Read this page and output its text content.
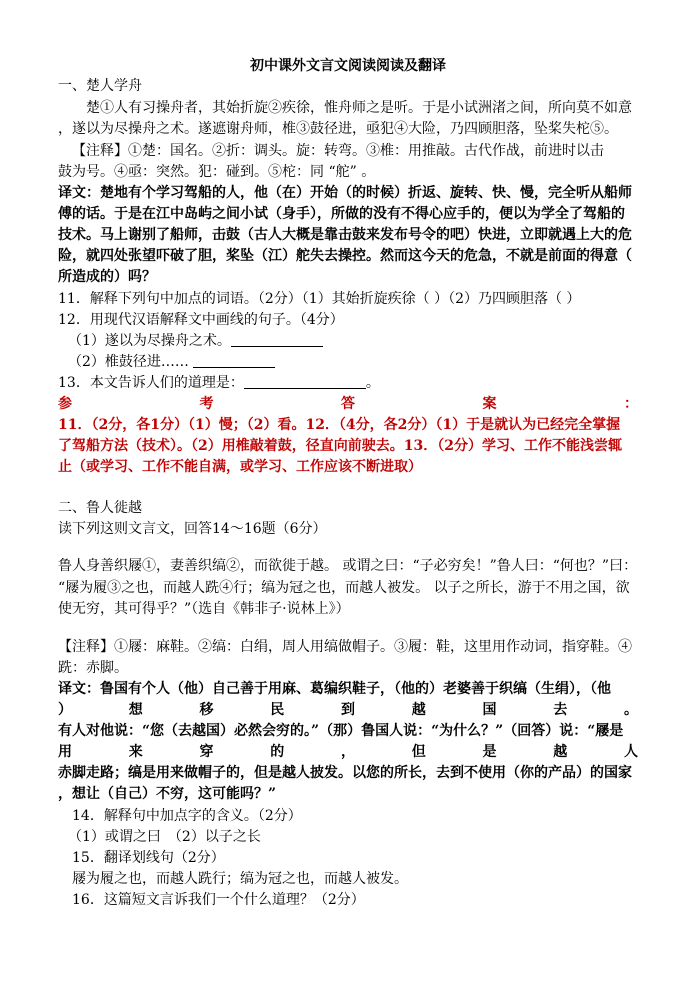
初中课外文言文阅读阅读及翻译
一、楚人学舟
楚①人有习操舟者，其始折旋②疾徐，惟舟师之是听。于是小试洲渚之间，所向莫不如意
，遂以为尽操舟之术。遂遮谢舟师，椎③鼓径进，亟犯④大险，乃四顾胆落，坠桨失柁⑤。
【注释】①楚：国名。②折：调头。旋：转弯。③椎：用推敲。古代作战，前进时以击
鼓为号。④亟：突然。犯：碰到。⑤柁：同 “舵” 。
译文：楚地有个学习驾船的人，他（在）开始（的时候）折返、旋转、快、慢，完全听从船师
傅的话。于是在江中岛屿之间小试（身手），所做的没有不得心应手的，便以为学全了驾船的
技术。马上谢别了船师，击鼓（古人大概是靠击鼓来发布号令的吧）快进，立即就遇上大的危
险，就四处张望吓破了胆，桨坠（江）舵失去操控。然而这今天的危急，不就是前面的得意（
所造成的）吗？
11．解释下列句中加点的词语。（2分）（1）其始折旋疾徐（ ）（2）乃四顾胆落（ ）
12．用现代汉语解释文中画线的句子。（4分）
（1）遂以为尽操舟之术。
（2）椎鼓径进……
13．本文告诉人们的道理是：	。
参	考	答	案	：
11．（2分，各1分）（1）慢；（2）看。12．（4分，各2分）（1）于是就认为已经完全掌握
了驾船方法（技术）。（2）用椎敲着鼓，径直向前驶去。13．（2分）学习、工作不能浅尝辄
止（或学习、工作不能自满，或学习、工作应该不断进取）
二、鲁人徙越
读下列这则文言文，回答14～16题（6分）
鲁人身善织屦①，妻善织缟②，而欲徙于越。 或谓之曰：“子必穷矣！”鲁人曰：“何也？”曰：
“屦为履③之也，而越人跣④行；缟为冠之也，而越人被发。 以子之所长，游于不用之国，欲
使无穷，其可得乎？”（选自《韩非子·说林上》）
【注释】①屦：麻鞋。②缟：白绢，周人用缟做帽子。③履：鞋，这里用作动词，指穿鞋。④
跣：赤脚。
译文：鲁国有个人（他）自己善于用麻、葛编织鞋子，（他的）老婆善于织缟（生绢），（他
）	想	移	民	到	越	国	去	。
有人对他说：“您（去越国）必然会穷的。”（那）鲁国人说：“为什么？”（回答）说：“屦是
用	来	穿	的	，	但	是	越	人
赤脚走路；缟是用来做帽子的，但是越人披发。以您的所长，去到不使用（你的产品）的国家
，想让（自己）不穷，这可能吗？”
14．解释句中加点字的含义。（2分）
（1）或谓之曰　（2）以子之长
15．翻译划线句（2分）
屦为履之也，而越人跣行；缟为冠之也，而越人被发。
16．这篇短文言诉我们一个什么道理？（2分）
